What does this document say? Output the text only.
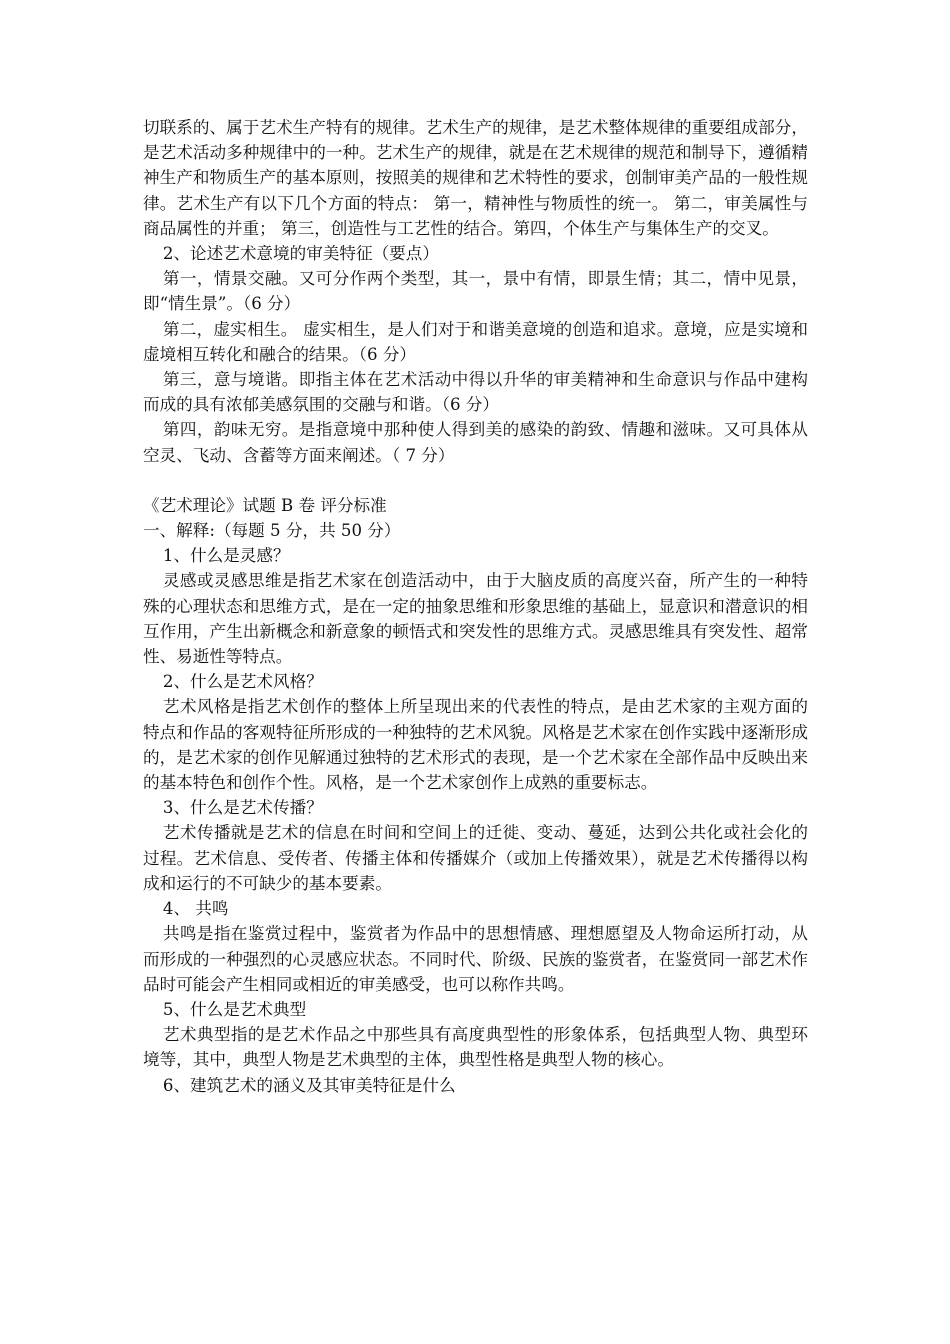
切联系的、属于艺术生产特有的规律。艺术生产的规律，是艺术整体规律的重要组成部分，是艺术活动多种规律中的一种。艺术生产的规律，就是在艺术规律的规范和制导下，遵循精神生产和物质生产的基本原则，按照美的规律和艺术特性的要求，创制审美产品的一般性规律。艺术生产有以下几个方面的特点： 第一，精神性与物质性的统一。 第二，审美属性与商品属性的并重； 第三，创造性与工艺性的结合。第四，个体生产与集体生产的交叉。

2、论述艺术意境的审美特征（要点）

第一，情景交融。又可分作两个类型，其一，景中有情，即景生情；其二，情中见景，即“情生景”。（6 分）

第二，虚实相生。 虚实相生，是人们对于和谐美意境的创造和追求。意境，应是实境和虚境相互转化和融合的结果。（6 分）

第三，意与境谐。即指主体在艺术活动中得以升华的审美精神和生命意识与作品中建构而成的具有浓郁美感氛围的交融与和谐。（6 分）

第四，韵味无穷。是指意境中那种使人得到美的感染的韵致、情趣和滋味。又可具体从空灵、飞动、含蓄等方面来阐述。（ 7 分）

《艺术理论》试题 B 卷 评分标准

一、解释:（每题 5 分，共 50 分）

1、什么是灵感？

灵感或灵感思维是指艺术家在创造活动中，由于大脑皮质的高度兴奋，所产生的一种特殊的心理状态和思维方式，是在一定的抽象思维和形象思维的基础上，显意识和潜意识的相互作用，产生出新概念和新意象的顿悟式和突发性的思维方式。灵感思维具有突发性、超常性、易逝性等特点。

2、什么是艺术风格？

艺术风格是指艺术创作的整体上所呈现出来的代表性的特点，是由艺术家的主观方面的特点和作品的客观特征所形成的一种独特的艺术风貌。风格是艺术家在创作实践中逐渐形成的，是艺术家的创作见解通过独特的艺术形式的表现，是一个艺术家在全部作品中反映出来的基本特色和创作个性。风格，是一个艺术家创作上成熟的重要标志。

3、什么是艺术传播？

艺术传播就是艺术的信息在时间和空间上的迁徙、变动、蔓延，达到公共化或社会化的过程。艺术信息、受传者、传播主体和传播媒介（或加上传播效果），就是艺术传播得以构成和运行的不可缺少的基本要素。

4、 共鸣

共鸣是指在鉴赏过程中，鉴赏者为作品中的思想情感、理想愿望及人物命运所打动，从而形成的一种强烈的心灵感应状态。不同时代、阶级、民族的鉴赏者，在鉴赏同一部艺术作品时可能会产生相同或相近的审美感受，也可以称作共鸣。

5、什么是艺术典型

艺术典型指的是艺术作品之中那些具有高度典型性的形象体系，包括典型人物、典型环境等，其中，典型人物是艺术典型的主体，典型性格是典型人物的核心。

6、建筑艺术的涵义及其审美特征是什么
